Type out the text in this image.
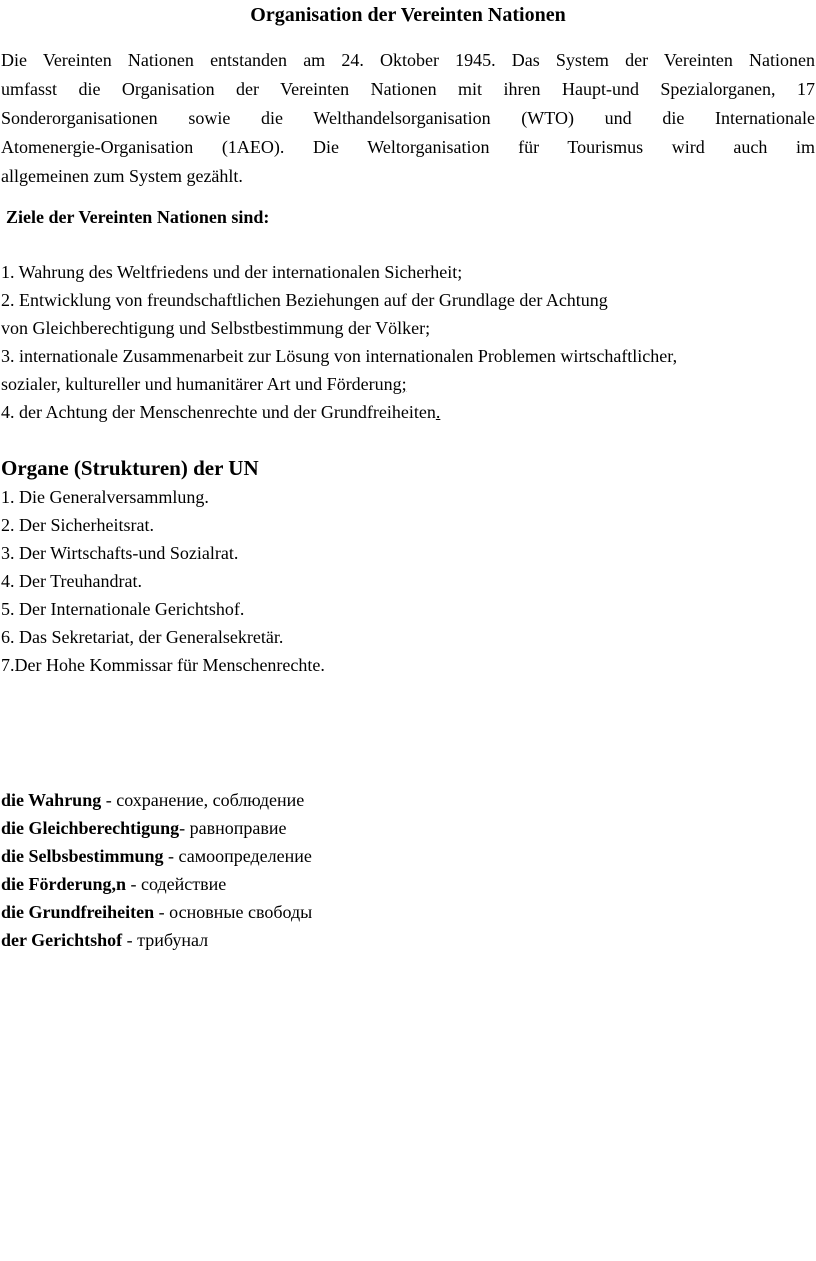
Organisation der Vereinten Nationen

Die Vereinten Nationen entstanden am 24. Oktober 1945. Das System der Vereinten Nationen
umfasst die Organisation der Vereinten Nationen mit ihren Haupt-und Spezialorganen, 17
Sonderorganisationen sowie die Welthandelsorganisation (WTO) und die Internationale
Atomenergie-Organisation (1AEO). Die Weltorganisation für Tourismus wird auch im
allgemeinen zum System gezählt.

Ziele der Vereinten Nationen sind:
1. Wahrung des Weltfriedens und der internationalen Sicherheit;
2. Entwicklung von freundschaftlichen Beziehungen auf der Grundlage der Achtung
von Gleichberechtigung und Selbstbestimmung der Völker;
3. internationale Zusammenarbeit zur Lösung von internationalen Problemen wirtschaftlicher,
sozialer, kultureller und humanitärer Art und Förderung;
4. der Achtung der Menschenrechte und der Grundfreiheiten.
Organe (Strukturen) der UN
1. Die Generalversammlung.
2. Der Sicherheitsrat.
3. Der Wirtschafts-und Sozialrat.
4. Der Treuhandrat.
5. Der Internationale Gerichtshof.
6. Das Sekretariat, der Generalsekretär.
7.Der Hohe Kommissar für Menschenrechte.
die Wahrung - сохранение, соблюдение
die Gleichberechtigung- равноправие
die Selbsbestimmung - самоопределение
die Förderung,n - содействие
die Grundfreiheiten - основные свободы
der Gerichtshof - трибунал
